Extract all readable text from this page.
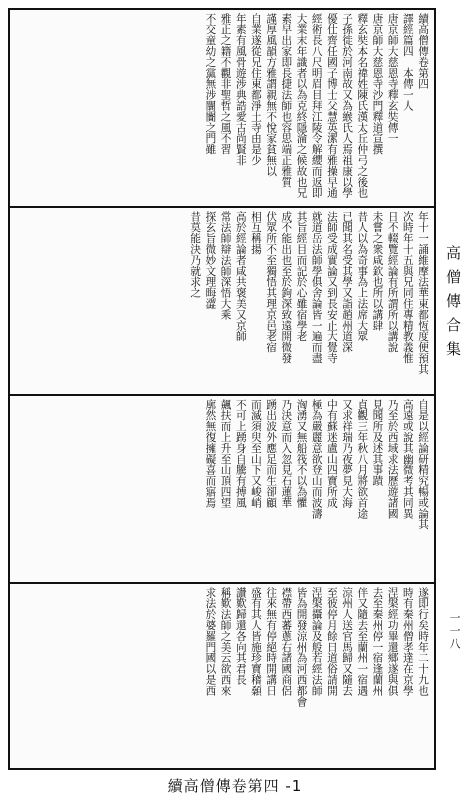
續高僧傳卷第四
譯經篇四　本傳一人
唐京師大慈恩寺釋玄奘傳一
唐京師大慈恩寺沙門釋道宣撰
釋玄奘本名禕姓陳氏漢太丘仲弓之後也
子孫徙於河南故又為緱氏人焉祖康以學
優仕齊任國子博士父慧英潔有雅操早通
經術長八尺明眉目拜江陵令解纓而返即
大業末年識者以為克終隱淪之候故也兄
素早出家即長捷法師也容思端正雅質
謹厚風韻方雅謂親無不悅家貧無以
自業遂從兄住東都淨土寺由是少
年素有風骨遊涉典誥愛古尚賢非
雅正之籍不觀非聖哲之風不習
不交童幼之黨無涉闤闠之門雖
年十一誦維摩法華東都恆度便預其
次時年十五與兄同住專精教義惟
日不輟覽經論有所謂所以講說
未嘗之衆咸欽也所以講肆
昔人以為奇事為上法席大眾
已聞其名受其學又詣趙州道深
法師受成實論又到長安止大覺寺
就道岳法師學俱舍論皆一遍而盡
其旨經目而記於心雖宿學老
成不能出也至於鉤深致遠開微發
伏眾所不至獨悟其理京邑老宿
相互稱揚
高於經論者咸共褒美又京師
常法師辯法師深悟大乘
探玄旨微妙文理晦澀
昔莫能決乃就求之
自是以經論研精究暢或論其
高遠或說其幽微考其同異
乃至於西域求法歷遊諸國
見聞所及述其事蹟
貞觀三年秋八月將欲首途
又求祥瑞乃夜夢見大海
中有蘇迷盧山四寶所成
極為嚴麗意欲登山而波濤
洶湧又無船筏不以為懼
乃決意而入忽見石蓮華
踴出波外應足而生卻顧
而滅須臾至山下又峻峭
不可上踴身自騰有搏風
飆扶而上升至山頂四望
廓然無復擁礙喜而寤焉
遂即行矣時年二十九也
時有秦州僧孝達在京學
涅槃經功畢還鄉遂與俱
去至秦州停一宿逢蘭州
伴又隨去至蘭州一宿遇
涼州人送官馬歸又隨去
至彼停月餘日道俗請開
涅槃攝論及般若經法師
皆為開發涼州為河西都會
襟帶西蕃蔥右諸國商侶
往來無有停絕時開講日
盛有其人皆施珍寶稽顙
讚歎歸還各向其君長
稱歎法師之美云欲西來
求法於婆羅門國以是西
高僧傳合集
一一八
續高僧傳卷第四 -1
